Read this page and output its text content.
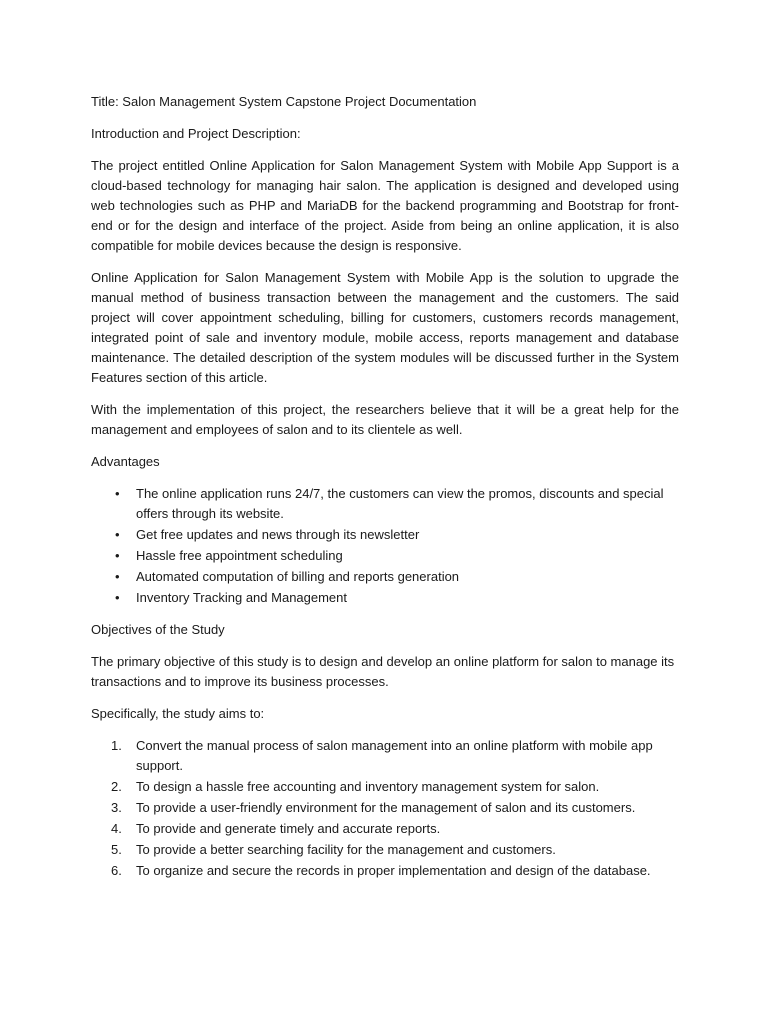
Title: Salon Management System Capstone Project Documentation

Introduction and Project Description:

The project entitled Online Application for Salon Management System with Mobile App Support is a cloud-based technology for managing hair salon. The application is designed and developed using web technologies such as PHP and MariaDB for the backend programming and Bootstrap for front-end or for the design and interface of the project. Aside from being an online application, it is also compatible for mobile devices because the design is responsive.

Online Application for Salon Management System with Mobile App is the solution to upgrade the manual method of business transaction between the management and the customers. The said project will cover appointment scheduling, billing for customers, customers records management, integrated point of sale and inventory module, mobile access, reports management and database maintenance. The detailed description of the system modules will be discussed further in the System Features section of this article.

With the implementation of this project, the researchers believe that it will be a great help for the management and employees of salon and to its clientele as well.

Advantages

• The online application runs 24/7, the customers can view the promos, discounts and special offers through its website.
• Get free updates and news through its newsletter
• Hassle free appointment scheduling
• Automated computation of billing and reports generation
• Inventory Tracking and Management

Objectives of the Study

The primary objective of this study is to design and develop an online platform for salon to manage its transactions and to improve its business processes.

Specifically, the study aims to:

1. Convert the manual process of salon management into an online platform with mobile app support.
2. To design a hassle free accounting and inventory management system for salon.
3. To provide a user-friendly environment for the management of salon and its customers.
4. To provide and generate timely and accurate reports.
5. To provide a better searching facility for the management and customers.
6. To organize and secure the records in proper implementation and design of the database.
